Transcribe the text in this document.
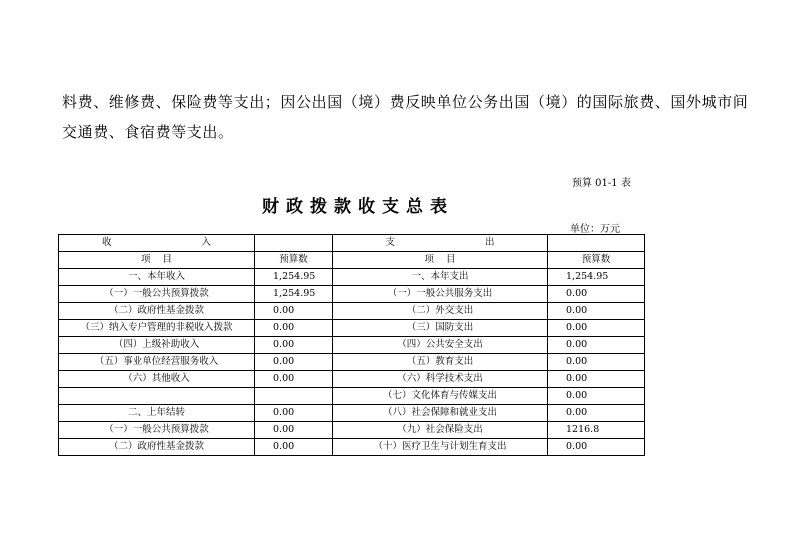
料费、维修费、保险费等支出；因公出国（境）费反映单位公务出国（境）的国际旅费、国外城市间

交通费、食宿费等支出。

预算 01-1 表
财政拨款收支总表
单位：万元
收 入		支 出	
项    目	预算数	项    目	预算数
一、本年收入	1,254.95	一、本年支出	1,254.95
（一）一般公共预算拨款	1,254.95	（一）一般公共服务支出	0.00
（二）政府性基金拨款	0.00	（二）外交支出	0.00
（三）纳入专户管理的非税收入拨款	0.00	（三）国防支出	0.00
（四）上级补助收入	0.00	（四）公共安全支出	0.00
（五）事业单位经营服务收入	0.00	（五）教育支出	0.00
（六）其他收入	0.00	（六）科学技术支出	0.00
		（七）文化体育与传媒支出	0.00
二、上年结转	0.00	（八）社会保障和就业支出	0.00
（一）一般公共预算拨款	0.00	（九）社会保险支出	1216.8
（二）政府性基金拨款	0.00	（十）医疗卫生与计划生育支出	0.00
